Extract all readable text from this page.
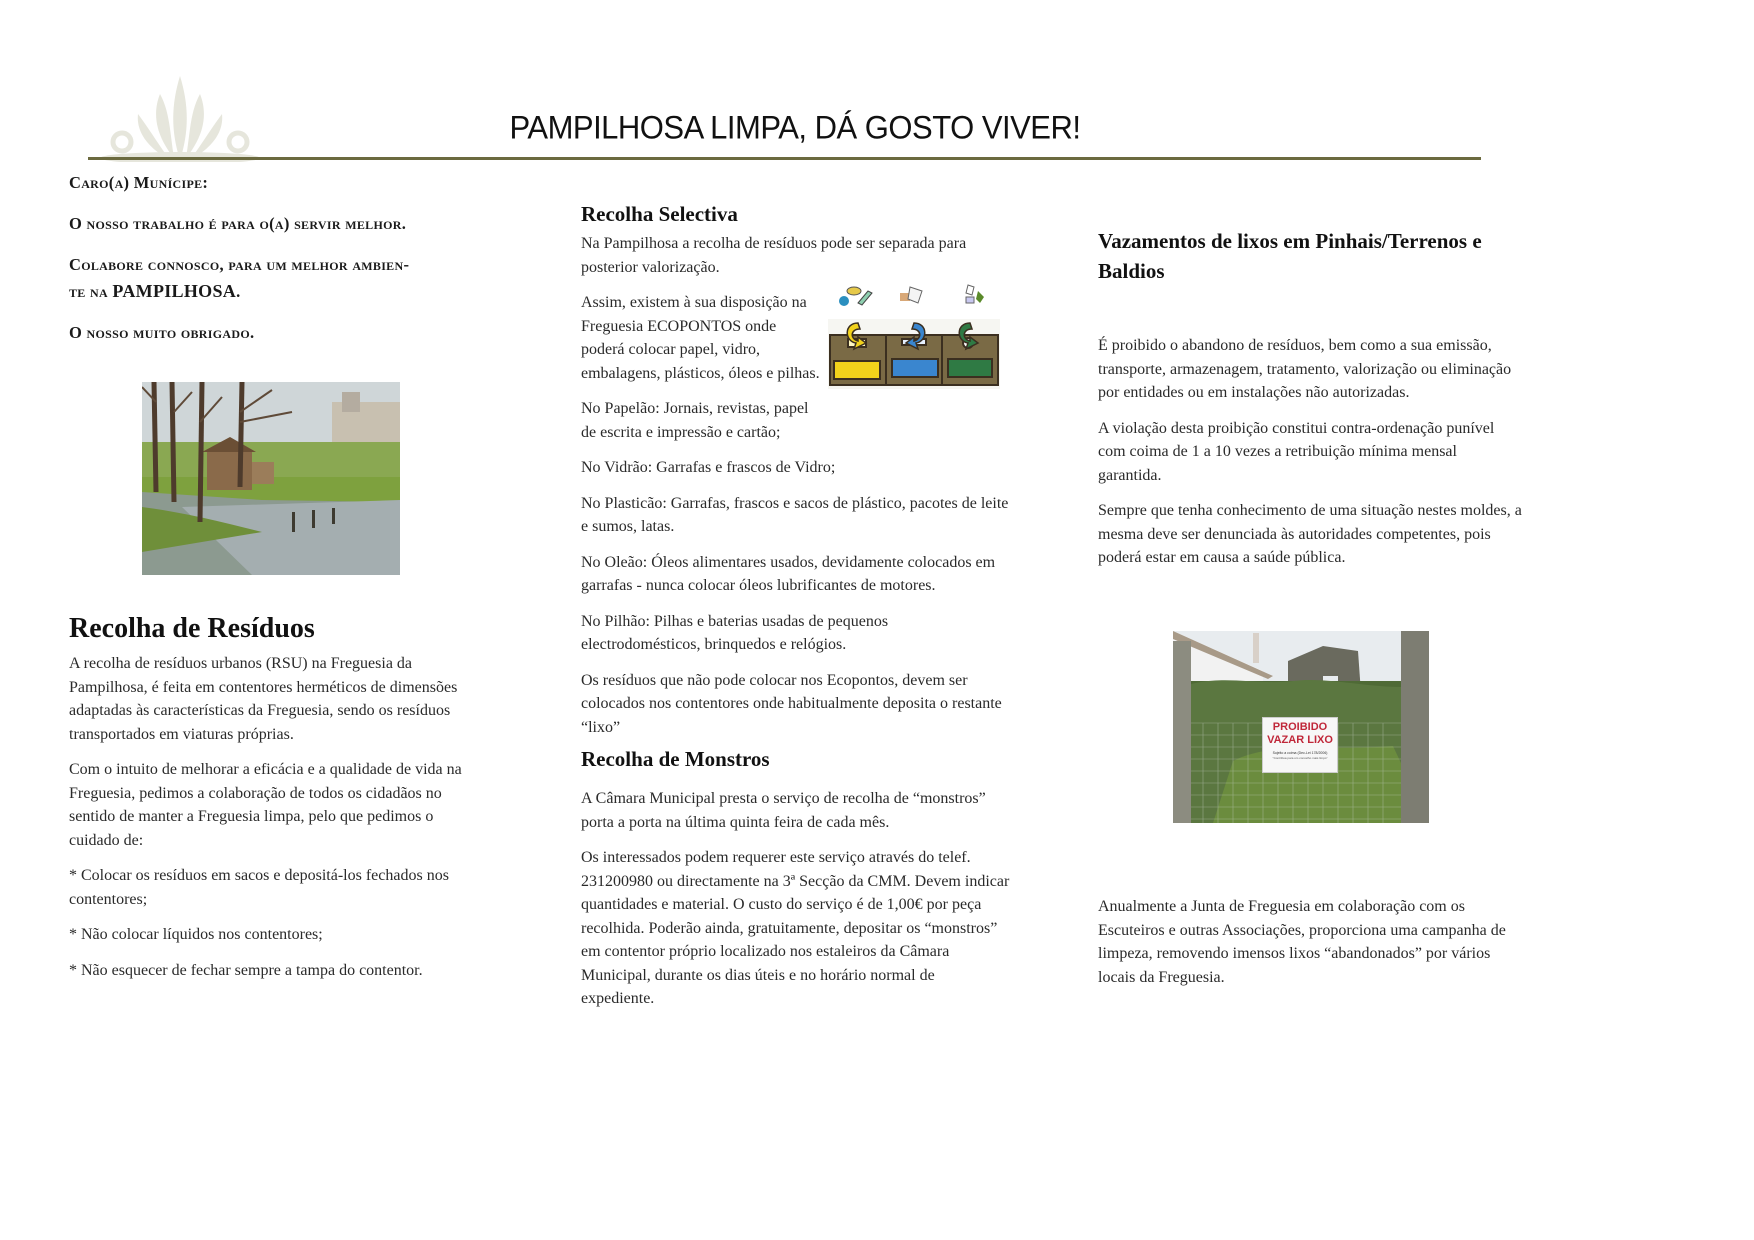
PAMPILHOSA LIMPA, DÁ GOSTO VIVER!

Caro(a) Munícipe:

O nosso trabalho é para o(a) servir melhor.

Colabore connosco, para um melhor ambien-
te na PAMPILHOSA.

O nosso muito obrigado.

Recolha de Resíduos

A recolha de resíduos urbanos (RSU) na Freguesia da Pampilhosa, é feita em contentores herméticos de dimensões adaptadas às características da Freguesia, sendo os resíduos transportados em viaturas próprias.

Com o intuito de melhorar a eficácia e a qualidade de vida na Freguesia, pedimos a colaboração de todos os cidadãos no sentido de manter a Freguesia limpa, pelo que pedimos o cuidado de:

* Colocar os resíduos em sacos e depositá-los fechados nos contentores;

* Não colocar líquidos nos contentores;

* Não esquecer de fechar sempre a tampa do contentor.

Recolha Selectiva

Na Pampilhosa a recolha de resíduos pode ser separada para posterior valorização.

Assim, existem à sua disposição na Freguesia ECOPONTOS onde poderá colocar papel, vidro, embalagens, plásticos, óleos e pilhas.

No Papelão: Jornais, revistas, papel de escrita e impressão e cartão;

No Vidrão: Garrafas e frascos de Vidro;

No Plasticão: Garrafas, frascos e sacos de plástico, pacotes de leite e sumos, latas.

No Oleão: Óleos alimentares usados, devidamente colocados em garrafas - nunca colocar óleos lubrificantes de motores.

No Pilhão: Pilhas e baterias usadas de pequenos electrodomésticos, brinquedos e relógios.

Os resíduos que não pode colocar nos Ecopontos, devem ser colocados nos contentores onde habitualmente deposita o restante “lixo”

Recolha de Monstros

A Câmara Municipal presta o serviço de recolha de “monstros” porta a porta na última quinta feira de cada mês.

Os interessados podem requerer este serviço através do telef. 231200980 ou directamente na 3ª Secção da CMM. Devem indicar quantidades e material. O custo do serviço é de 1,00€ por peça recolhida. Poderão ainda, gratuitamente, depositar os “monstros” em contentor próprio localizado nos estaleiros da Câmara Municipal, durante os dias úteis e no horário normal de expediente.

Vazamentos de lixos em Pinhais/Terrenos e Baldios

É proibido o abandono de resíduos, bem como a sua emissão, transporte, armazenagem, tratamento, valorização ou eliminação por entidades ou em instalações não autorizadas.

A violação desta proibição constitui contra-ordenação punível com coima de 1 a 10 vezes a retribuição mínima mensal garantida.

Sempre que tenha conhecimento de uma situação nestes moldes, a mesma deve ser denunciada às autoridades competentes, pois poderá estar em causa a saúde pública.

PROIBIDO
VAZAR LIXO
Sujeito a coima (Dec-Lei 178/2006)
"Contribua para um concelho mais limpo"

Anualmente a Junta de Freguesia em colaboração com os Escuteiros e outras Associações, proporciona uma campanha de limpeza, removendo imensos lixos “abandonados” por vários locais da Freguesia.
